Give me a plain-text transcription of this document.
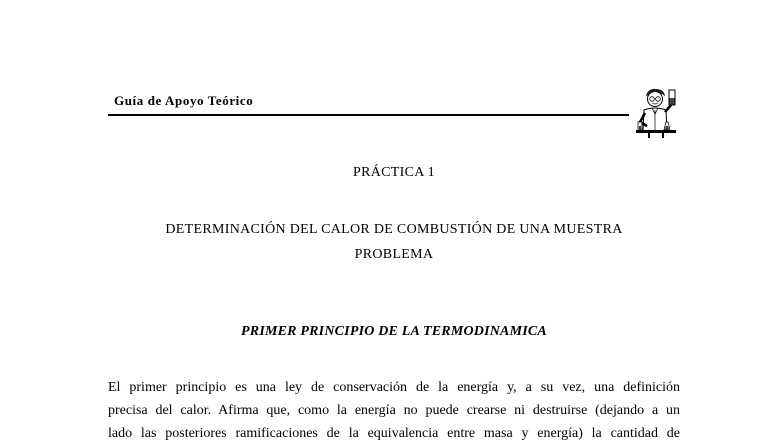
Guía de Apoyo Teórico
PRÁCTICA 1
DETERMINACIÓN DEL CALOR DE COMBUSTIÓN DE UNA MUESTRA
PROBLEMA
PRIMER PRINCIPIO DE LA TERMODINAMICA

El primer principio es una ley de conservación de la energía y, a su vez, una definición

precisa del calor. Afirma que, como la energía no puede crearse ni destruirse (dejando a un

lado las posteriores ramificaciones de la equivalencia entre masa y energía) la cantidad de
